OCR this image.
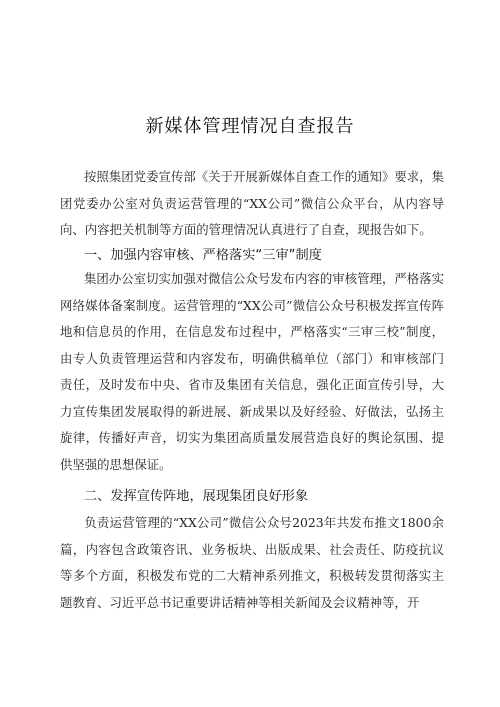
新媒体管理情况自查报告
按照集团党委宣传部《关于开展新媒体自查工作的通知》要求，集团党委办公室对负责运营管理的“XX公司”微信公众平台，从内容导向、内容把关机制等方面的管理情况认真进行了自查，现报告如下。
一、加强内容审核、严格落实“三审”制度
集团办公室切实加强对微信公众号发布内容的审核管理，严格落实网络媒体备案制度。运营管理的“XX公司”微信公众号积极发挥宣传阵地和信息员的作用，在信息发布过程中，严格落实“三审三校”制度，由专人负责管理运营和内容发布，明确供稿单位（部门）和审核部门责任，及时发布中央、省市及集团有关信息，强化正面宣传引导，大力宣传集团发展取得的新进展、新成果以及好经验、好做法，弘扬主旋律，传播好声音，切实为集团高质量发展营造良好的舆论氛围、提供坚强的思想保证。
二、发挥宣传阵地，展现集团良好形象
负责运营管理的“XX公司”微信公众号2023年共发布推文1800余篇，内容包含政策咨讯、业务板块、出版成果、社会责任、防疫抗议等多个方面，积极发布党的二大精神系列推文，积极转发贯彻落实主题教育、习近平总书记重要讲话精神等相关新闻及会议精神等，开
